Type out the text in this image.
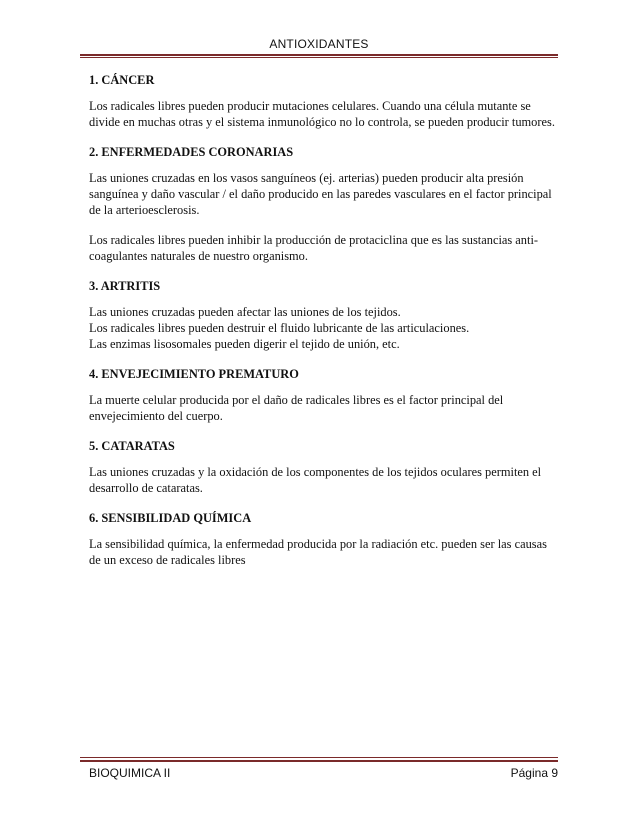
ANTIOXIDANTES
1. CÁNCER

Los radicales libres pueden producir mutaciones celulares. Cuando una célula mutante se divide en muchas otras y el sistema inmunológico no lo controla, se pueden producir tumores.

2. ENFERMEDADES CORONARIAS

Las uniones cruzadas en los vasos sanguíneos (ej. arterias) pueden producir alta presión sanguínea y daño vascular / el daño producido en las paredes vasculares en el factor principal de la arterioesclerosis.

Los radicales libres pueden inhibir la producción de protaciclina que es las sustancias anti-coagulantes naturales de nuestro organismo.

3. ARTRITIS

Las uniones cruzadas pueden afectar las uniones de los tejidos.
Los radicales libres pueden destruir el fluido lubricante de las articulaciones.
Las enzimas lisosomales pueden digerir el tejido de unión, etc.

4. ENVEJECIMIENTO PREMATURO

La muerte celular producida por el daño de radicales libres es el factor principal del envejecimiento del cuerpo.

5. CATARATAS

Las uniones cruzadas y la oxidación de los componentes de los tejidos oculares permiten el desarrollo de cataratas.

6. SENSIBILIDAD QUÍMICA

La sensibilidad química, la enfermedad producida por la radiación etc. pueden ser las causas de un exceso de radicales libres

BIOQUIMICA II	Página 9
